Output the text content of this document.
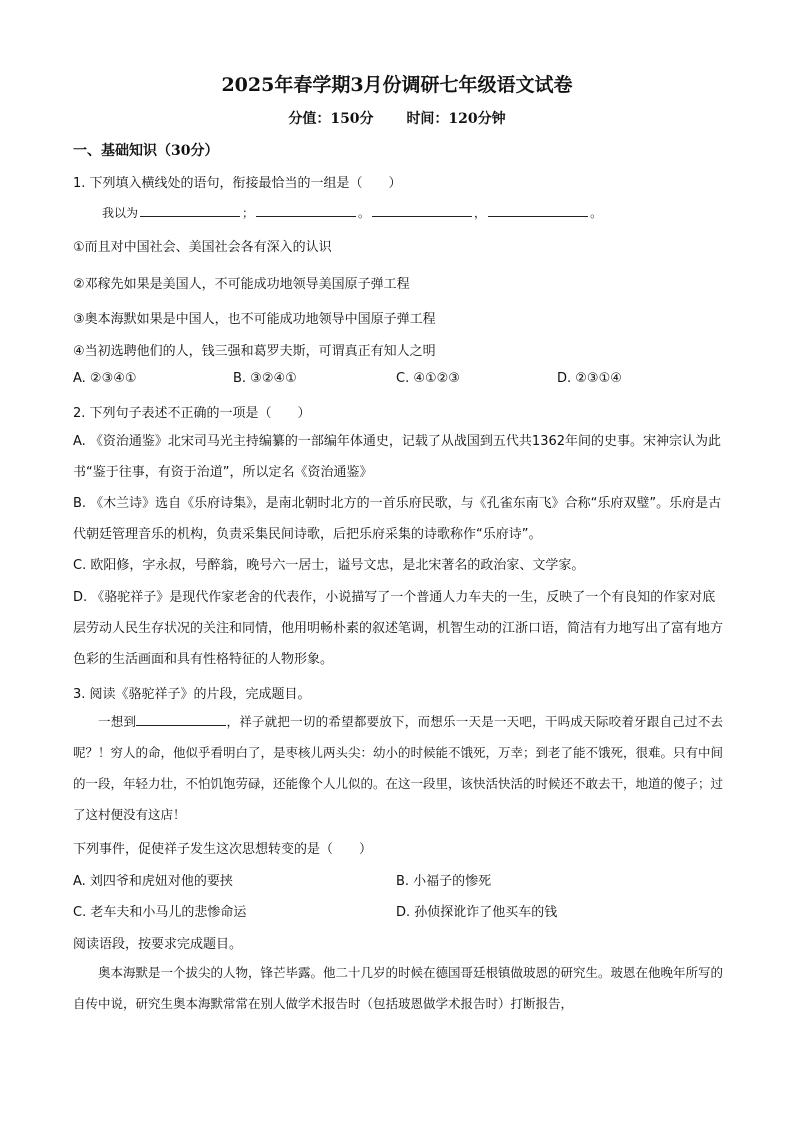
2025年春学期3月份调研七年级语文试卷
分值：150分 时间：120分钟
一、基础知识（30分）
1. 下列填入横线处的语句，衔接最恰当的一组是（　　）
我以为	；	。	，	。
①而且对中国社会、美国社会各有深入的认识
②邓稼先如果是美国人，不可能成功地领导美国原子弹工程
③奥本海默如果是中国人，也不可能成功地领导中国原子弹工程
④当初选聘他们的人，钱三强和葛罗夫斯，可谓真正有知人之明
A. ②③④①	B. ③②④①	C. ④①②③	D. ②③①④
2. 下列句子表述不正确的一项是（　　）
A. 《资治通鉴》北宋司马光主持编纂的一部编年体通史，记载了从战国到五代共1362年间的史事。宋神宗认为此书“鉴于往事，有资于治道”，所以定名《资治通鉴》
B. 《木兰诗》选自《乐府诗集》，是南北朝时北方的一首乐府民歌，与《孔雀东南飞》合称“乐府双璧”。乐府是古代朝廷管理音乐的机构，负责采集民间诗歌，后把乐府采集的诗歌称作“乐府诗”。
C. 欧阳修，字永叔，号醉翁，晚号六一居士，谥号文忠，是北宋著名的政治家、文学家。
D. 《骆驼祥子》是现代作家老舍的代表作，小说描写了一个普通人力车夫的一生，反映了一个有良知的作家对底层劳动人民生存状况的关注和同情，他用明畅朴素的叙述笔调，机智生动的江浙口语，简洁有力地写出了富有地方色彩的生活画面和具有性格特征的人物形象。
3. 阅读《骆驼祥子》的片段，完成题目。
一想到	，祥子就把一切的希望都要放下，而想乐一天是一天吧，干吗成天际咬着牙跟自己过不去呢？！穷人的命，他似乎看明白了，是枣核儿两头尖：幼小的时候能不饿死，万幸；到老了能不饿死，很难。只有中间的一段，年轻力壮，不怕饥饱劳碌，还能像个人儿似的。在这一段里，该快活快活的时候还不敢去干，地道的傻子；过了这村便没有这店！
下列事件，促使祥子发生这次思想转变的是（　　）
A. 刘四爷和虎妞对他的要挟	B. 小福子的惨死
C. 老车夫和小马儿的悲惨命运	D. 孙侦探讹诈了他买车的钱
阅读语段，按要求完成题目。
奥本海默是一个拔尖的人物，锋芒毕露。他二十几岁的时候在德国哥廷根镇做玻恩的研究生。玻恩在他晚年所写的自传中说，研究生奥本海默常常在别人做学术报告时（包括玻恩做学术报告时）打断报告，
